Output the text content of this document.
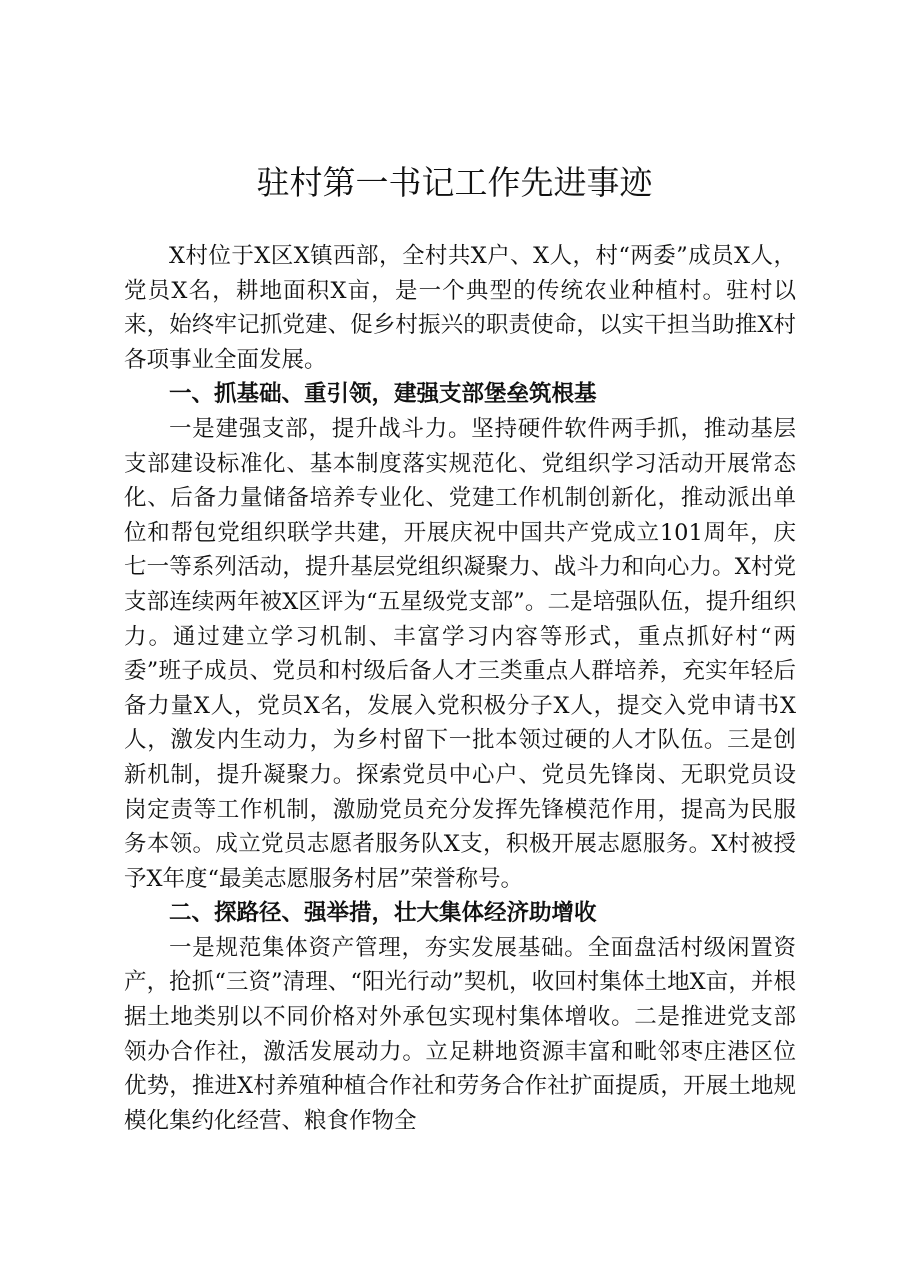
驻村第一书记工作先进事迹

X村位于X区X镇西部，全村共X户、X人，村“两委”成员X人，党员X名，耕地面积X亩，是一个典型的传统农业种植村。驻村以来，始终牢记抓党建、促乡村振兴的职责使命，以实干担当助推X村各项事业全面发展。

一、抓基础、重引领，建强支部堡垒筑根基

一是建强支部，提升战斗力。坚持硬件软件两手抓，推动基层支部建设标准化、基本制度落实规范化、党组织学习活动开展常态化、后备力量储备培养专业化、党建工作机制创新化，推动派出单位和帮包党组织联学共建，开展庆祝中国共产党成立101周年，庆七一等系列活动，提升基层党组织凝聚力、战斗力和向心力。X村党支部连续两年被X区评为“五星级党支部”。二是培强队伍，提升组织力。通过建立学习机制、丰富学习内容等形式，重点抓好村“两委”班子成员、党员和村级后备人才三类重点人群培养，充实年轻后备力量X人，党员X名，发展入党积极分子X人，提交入党申请书X人，激发内生动力，为乡村留下一批本领过硬的人才队伍。三是创新机制，提升凝聚力。探索党员中心户、党员先锋岗、无职党员设岗定责等工作机制，激励党员充分发挥先锋模范作用，提高为民服务本领。成立党员志愿者服务队X支，积极开展志愿服务。X村被授予X年度“最美志愿服务村居”荣誉称号。

二、探路径、强举措，壮大集体经济助增收

一是规范集体资产管理，夯实发展基础。全面盘活村级闲置资产，抢抓“三资”清理、“阳光行动”契机，收回村集体土地X亩，并根据土地类别以不同价格对外承包实现村集体增收。二是推进党支部领办合作社，激活发展动力。立足耕地资源丰富和毗邻枣庄港区位优势，推进X村养殖种植合作社和劳务合作社扩面提质，开展土地规模化集约化经营、粮食作物全
